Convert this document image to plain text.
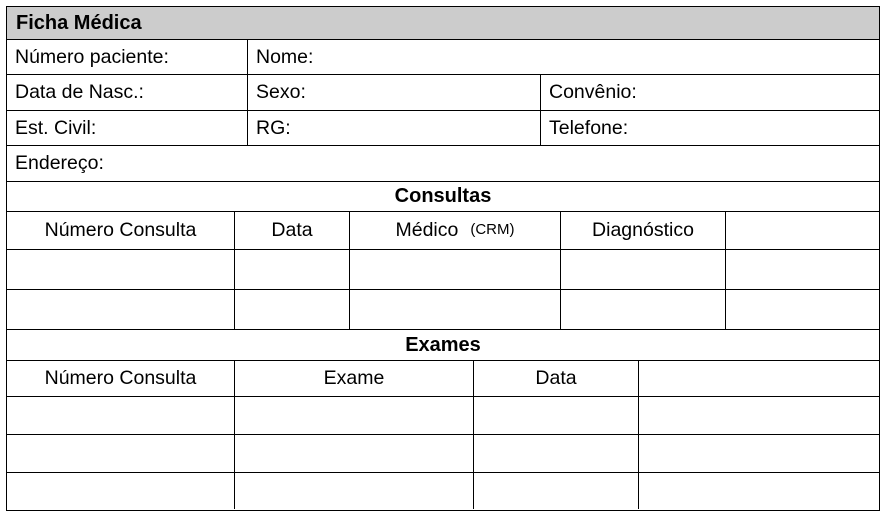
Ficha Médica
Número paciente:	Nome:
Data de Nasc.:	Sexo:	Convênio:
Est. Civil:	RG:	Telefone:
Endereço:
Consultas
Número Consulta	Data	Médico (CRM)	Diagnóstico
Exames
Número Consulta	Exame	Data
